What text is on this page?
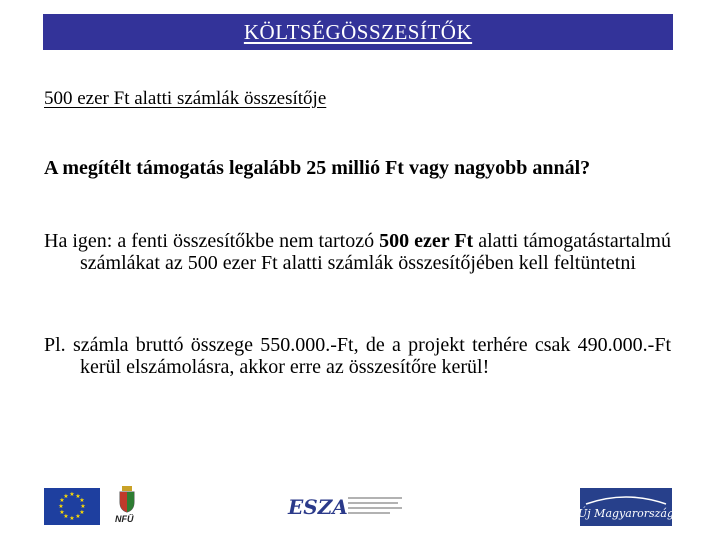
KÖLTSÉGÖSSZESÍTŐK
500 ezer Ft alatti számlák összesítője
A megítélt támogatás legalább 25 millió Ft vagy nagyobb annál?
Ha igen: a fenti összesítőkbe nem tartozó 500 ezer Ft alatti támogatástartalmú számlákat az 500 ezer Ft alatti számlák összesítőjében kell feltüntetni
Pl. számla bruttó összege 550.000.-Ft, de a projekt terhére csak 490.000.-Ft kerül elszámolásra, akkor erre az összesítőre kerül!
★ ★
★
★
★
★
★
★
★
★
★
★
NFÜ	ESZA	Új Magyarország
